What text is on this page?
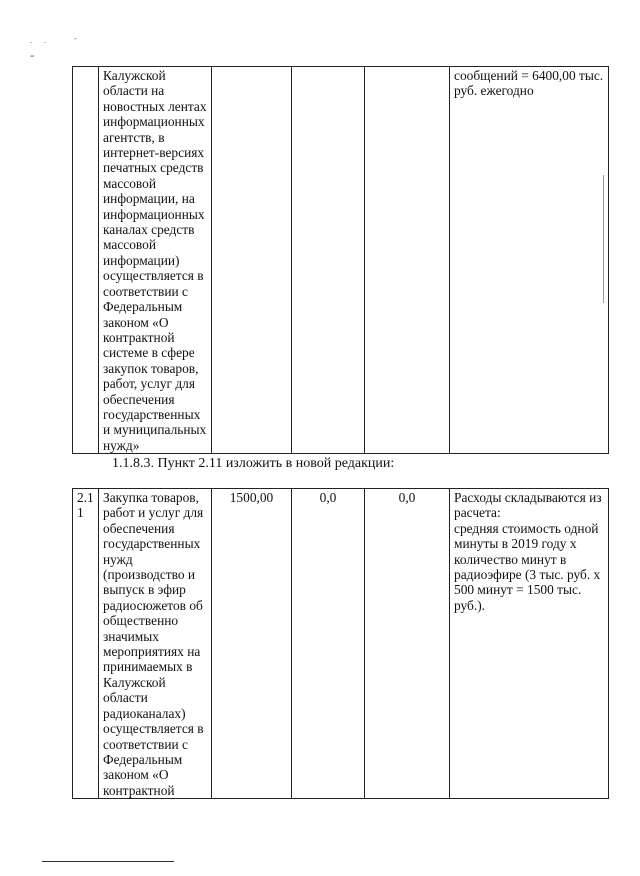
. .	-
=
	Калужской
области на
новостных лентах
информационных
агентств, в
интернет-версиях
печатных средств
массовой
информации, на
информационных
каналах средств
массовой
информации)
осуществляется в
соответствии с
Федеральным
законом «О
контрактной
системе в сфере
закупок товаров,
работ, услуг для
обеспечения
государственных
и муниципальных
нужд»				сообщений = 6400,00 тыс.
руб. ежегодно
1.1.8.3. Пункт 2.11 изложить в новой редакции:
2.1
1	Закупка товаров,
работ и услуг для
обеспечения
государственных
нужд
(производство и
выпуск в эфир
радиосюжетов об
общественно
значимых
мероприятиях на
принимаемых в
Калужской
области
радиоканалах)
осуществляется в
соответствии с
Федеральным
законом «О
контрактной	1500,00	0,0	0,0	Расходы складываются из
расчета:
средняя стоимость одной
минуты в 2019 году х
количество минут в
радиоэфире (3 тыс. руб. х
500 минут = 1500 тыс.
руб.).
